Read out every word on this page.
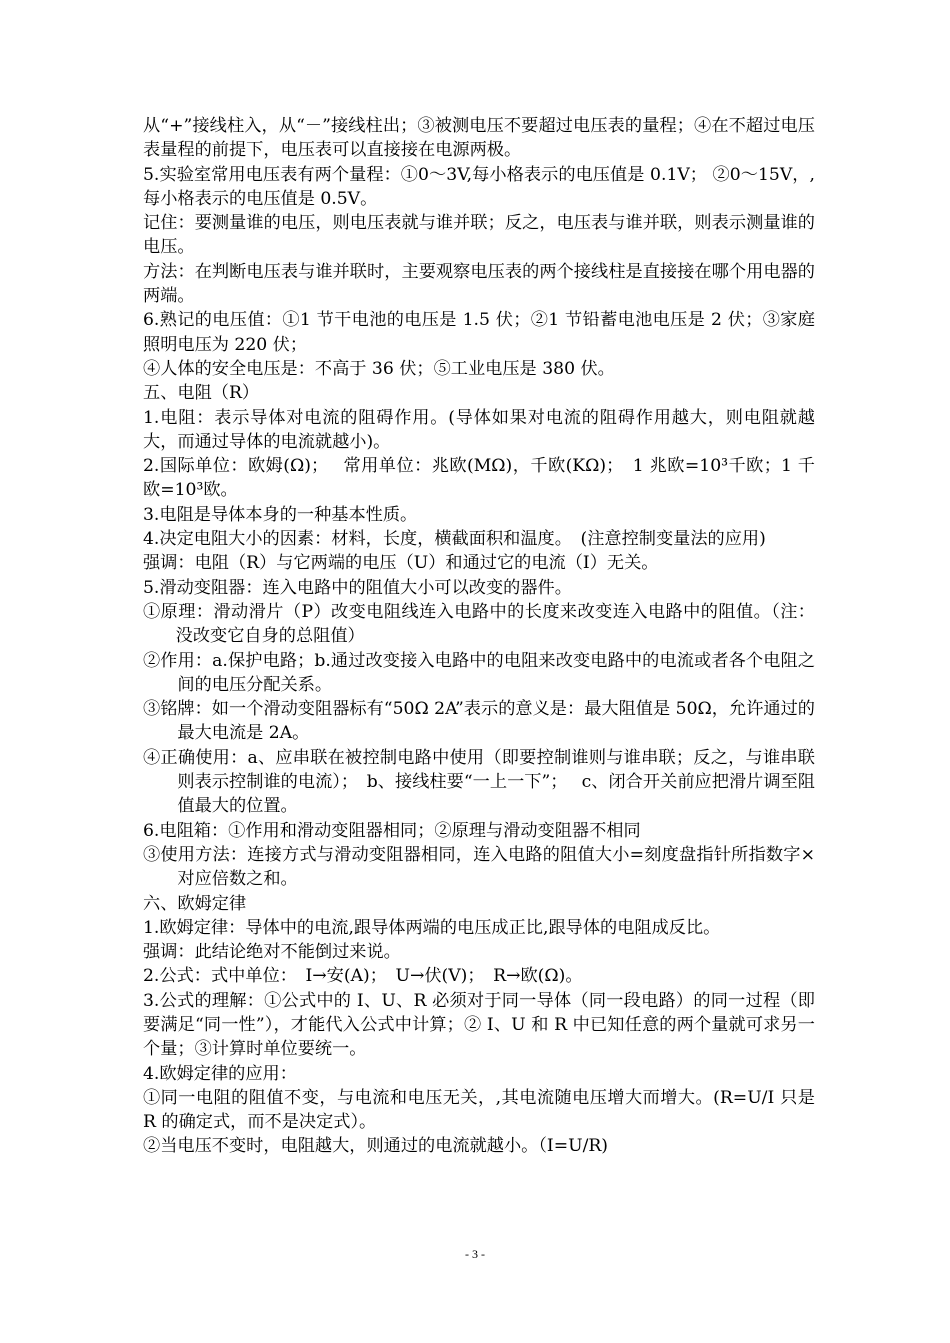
从“+”接线柱入，从“－”接线柱出；③被测电压不要超过电压表的量程；④在不超过电压表量程的前提下，电压表可以直接接在电源两极。
5.实验室常用电压表有两个量程：①0～3V,每小格表示的电压值是 0.1V； ②0～15V，,每小格表示的电压值是 0.5V。
记住：要测量谁的电压，则电压表就与谁并联；反之，电压表与谁并联，则表示测量谁的电压。
方法：在判断电压表与谁并联时，主要观察电压表的两个接线柱是直接接在哪个用电器的两端。
6.熟记的电压值：①1 节干电池的电压是 1.5 伏；②1 节铅蓄电池电压是 2 伏；③家庭照明电压为 220 伏；
④人体的安全电压是：不高于 36 伏；⑤工业电压是 380 伏。
五、电阻（R）
1.电阻：表示导体对电流的阻碍作用。(导体如果对电流的阻碍作用越大，则电阻就越大，而通过导体的电流就越小)。
2.国际单位：欧姆(Ω)；　 常用单位：兆欧(MΩ)，千欧(KΩ)；　1 兆欧=10³千欧；1 千欧=10³欧。
3.电阻是导体本身的一种基本性质。
4.决定电阻大小的因素：材料，长度，横截面积和温度。　(注意控制变量法的应用)
强调：电阻（R）与它两端的电压（U）和通过它的电流（I）无关。
5.滑动变阻器：连入电路中的阻值大小可以改变的器件。
①原理：滑动滑片（P）改变电阻线连入电路中的长度来改变连入电路中的阻值。（注：没改变它自身的总阻值）
②作用：a.保护电路；b.通过改变接入电路中的电阻来改变电路中的电流或者各个电阻之间的电压分配关系。
③铭牌：如一个滑动变阻器标有“50Ω 2A”表示的意义是：最大阻值是 50Ω，允许通过的最大电流是 2A。
④正确使用：a、应串联在被控制电路中使用（即要控制谁则与谁串联；反之，与谁串联则表示控制谁的电流）；　b、接线柱要“一上一下”；　 c、闭合开关前应把滑片调至阻值最大的位置。
6.电阻箱：①作用和滑动变阻器相同；②原理与滑动变阻器不相同
③使用方法：连接方式与滑动变阻器相同，连入电路的阻值大小=刻度盘指针所指数字×对应倍数之和。
六、欧姆定律
1.欧姆定律：导体中的电流,跟导体两端的电压成正比,跟导体的电阻成反比。
强调：此结论绝对不能倒过来说。
2.公式：式中单位：　I→安(A)；　U→伏(V)；　R→欧(Ω)。
3.公式的理解：①公式中的 I、U、R 必须对于同一导体（同一段电路）的同一过程（即要满足“同一性”），才能代入公式中计算；② I、U 和 R 中已知任意的两个量就可求另一个量；③计算时单位要统一。
4.欧姆定律的应用：
①同一电阻的阻值不变，与电流和电压无关，,其电流随电压增大而增大。(R=U/I 只是 R 的确定式，而不是决定式）。
②当电压不变时，电阻越大，则通过的电流就越小。（I=U/R)
- 3 -
